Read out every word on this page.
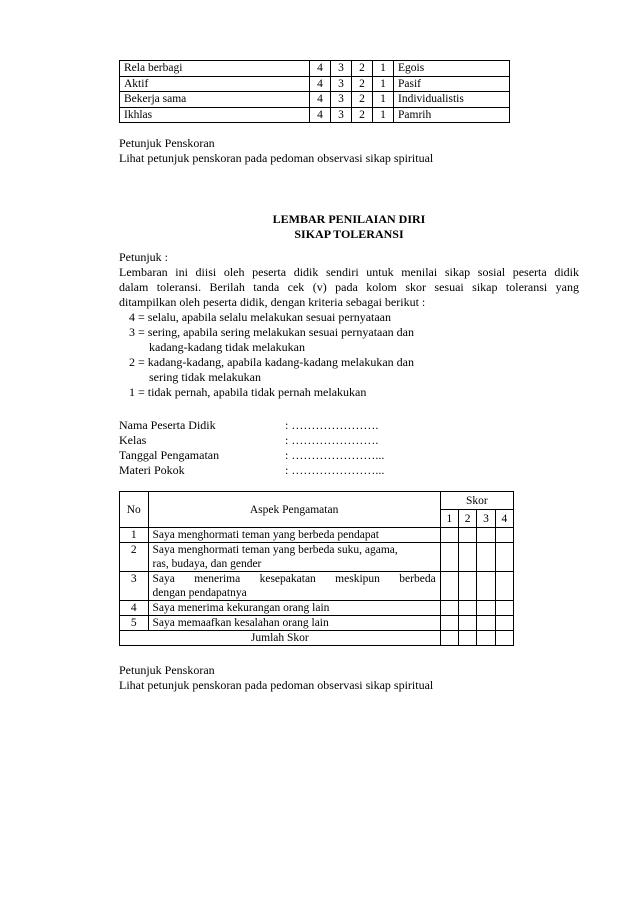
Rela berbagi	4	3	2	1	Egois
Aktif	4	3	2	1	Pasif
Bekerja sama	4	3	2	1	Individualistis
Ikhlas	4	3	2	1	Pamrih
Petunjuk Penskoran
Lihat petunjuk penskoran pada pedoman observasi sikap spiritual
LEMBAR PENILAIAN DIRI
SIKAP TOLERANSI
Petunjuk :
Lembaran ini diisi oleh peserta didik sendiri untuk menilai sikap sosial peserta didik
dalam toleransi. Berilah tanda cek (v) pada kolom skor sesuai sikap toleransi yang
ditampilkan oleh peserta didik, dengan kriteria sebagai berikut :
4 = selalu, apabila selalu melakukan sesuai pernyataan
3 = sering, apabila sering melakukan sesuai pernyataan dan
kadang-kadang tidak melakukan
2 = kadang-kadang, apabila kadang-kadang melakukan dan
sering tidak melakukan
1 = tidak pernah, apabila tidak pernah melakukan
Nama Peserta Didik	: ………………….
Kelas	: ………………….
Tanggal Pengamatan	: …………………...
Materi Pokok	: …………………...
No	Aspek Pengamatan	Skor			
		1	2	3	4
1	Saya menghormati teman yang berbeda pendapat				

2	Saya menghormati teman yang berbeda suku, agama,
ras, budaya, dan gender				

3	Saya menerima kesepakatan meskipun berbeda
dengan pendapatnya				

4	Saya menerima kekurangan orang lain				

5	Saya memaafkan kesalahan orang lain				

Jumlah Skor					
Petunjuk Penskoran
Lihat petunjuk penskoran pada pedoman observasi sikap spiritual
